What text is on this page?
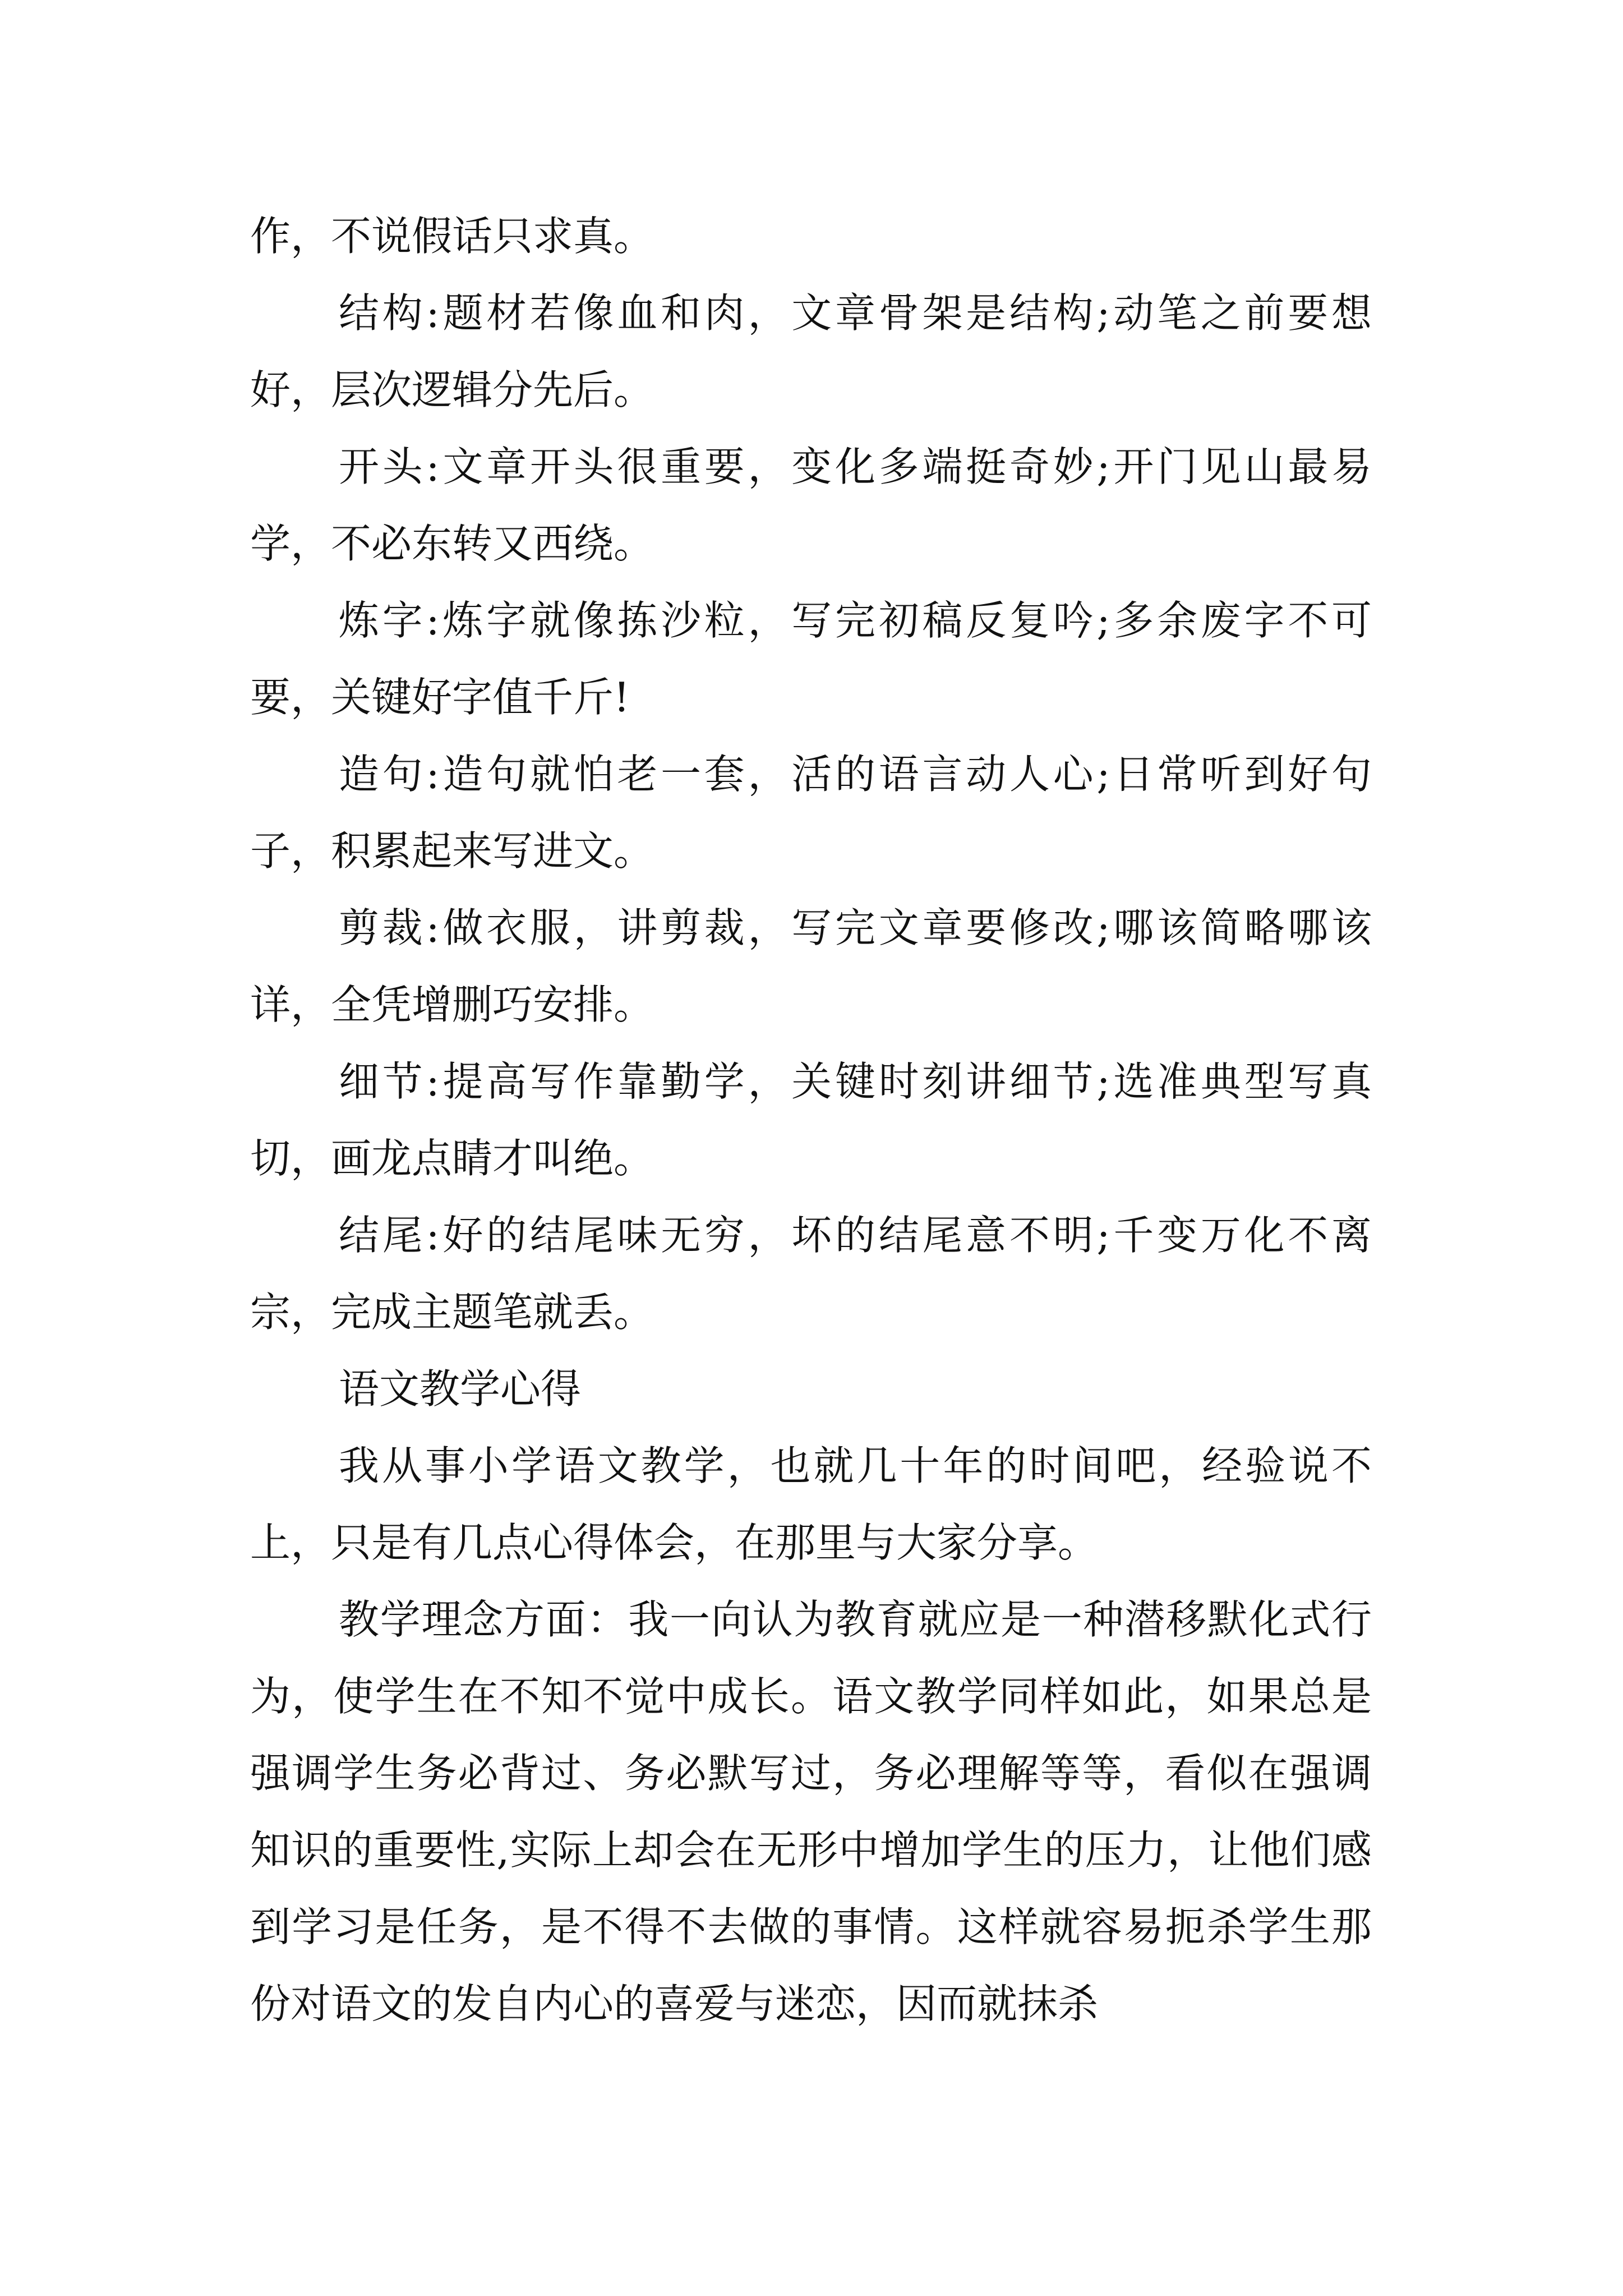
作，不说假话只求真。

结构:题材若像血和肉，文章骨架是结构;动笔之前要想好，层次逻辑分先后。

开头:文章开头很重要，变化多端挺奇妙;开门见山最易学，不必东转又西绕。

炼字:炼字就像拣沙粒，写完初稿反复吟;多余废字不可要，关键好字值千斤!

造句:造句就怕老一套，活的语言动人心;日常听到好句子，积累起来写进文。

剪裁:做衣服，讲剪裁，写完文章要修改;哪该简略哪该详，全凭增删巧安排。

细节:提高写作靠勤学，关键时刻讲细节;选准典型写真切，画龙点睛才叫绝。

结尾:好的结尾味无穷，坏的结尾意不明;千变万化不离宗，完成主题笔就丢。

语文教学心得

我从事小学语文教学，也就几十年的时间吧，经验说不上，只是有几点心得体会，在那里与大家分享。

教学理念方面：我一向认为教育就应是一种潜移默化式行为，使学生在不知不觉中成长。语文教学同样如此，如果总是强调学生务必背过、务必默写过，务必理解等等，看似在强调知识的重要性,实际上却会在无形中增加学生的压力，让他们感到学习是任务，是不得不去做的事情。这样就容易扼杀学生那份对语文的发自内心的喜爱与迷恋，因而就抹杀
